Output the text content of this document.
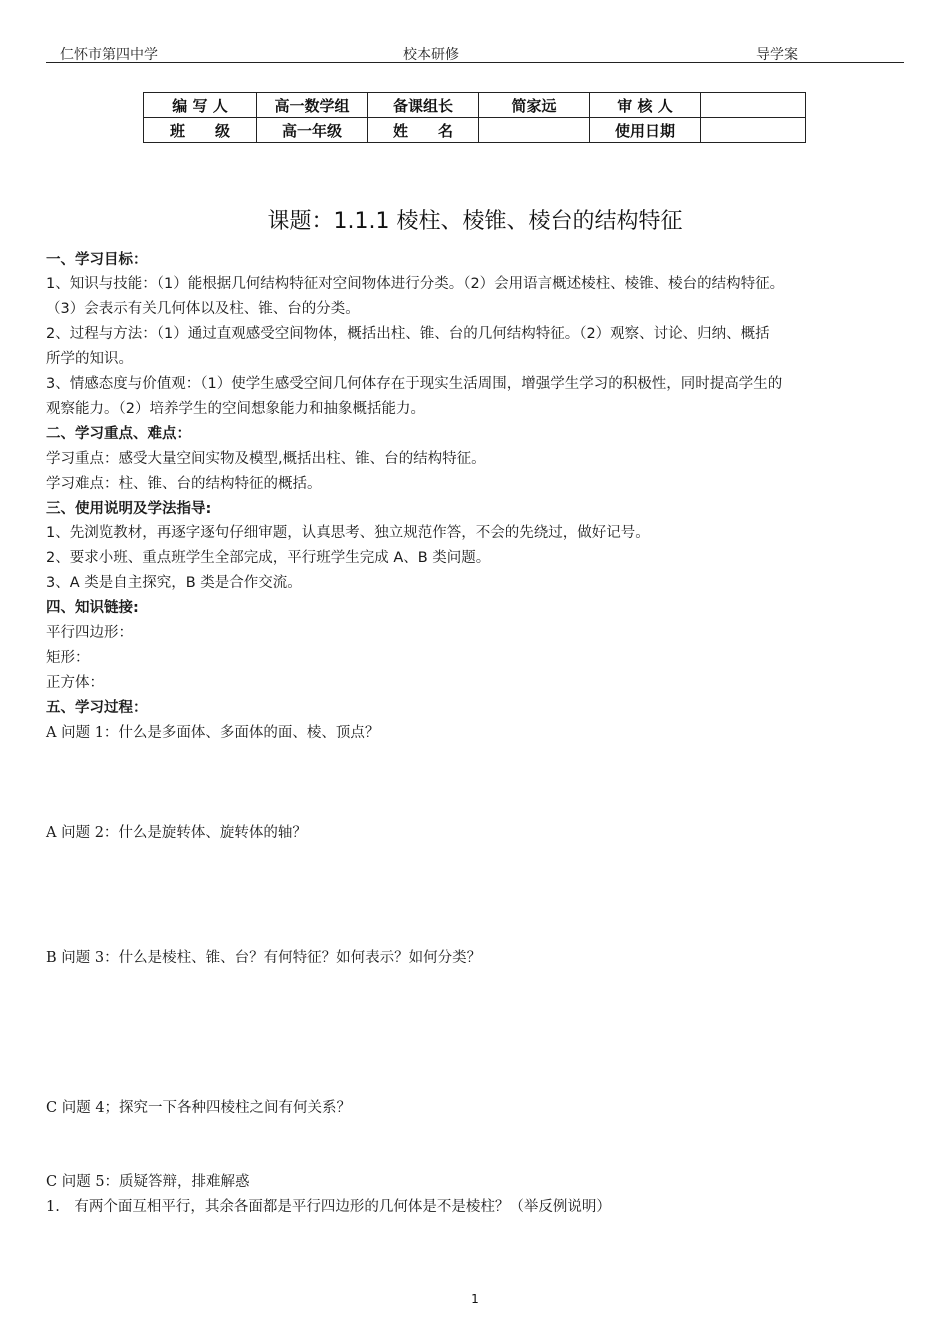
仁怀市第四中学	校本研修	导学案
编 写 人	高一数学组	备课组长	简家远	审 核 人	
班　　级	高一年级	姓　　名		使用日期	
课题：1.1.1 棱柱、棱锥、棱台的结构特征
一、学习目标：
1、知识与技能：（1）能根据几何结构特征对空间物体进行分类。（2）会用语言概述棱柱、棱锥、棱台的结构特征。
（3）会表示有关几何体以及柱、锥、台的分类。
2、过程与方法：（1）通过直观感受空间物体，概括出柱、锥、台的几何结构特征。（2）观察、讨论、归纳、概括
所学的知识。
3、情感态度与价值观：（1）使学生感受空间几何体存在于现实生活周围，增强学生学习的积极性，同时提高学生的
观察能力。（2）培养学生的空间想象能力和抽象概括能力。
二、学习重点、难点：
学习重点：感受大量空间实物及模型,概括出柱、锥、台的结构特征。
学习难点：柱、锥、台的结构特征的概括。
三、使用说明及学法指导:
1、先浏览教材，再逐字逐句仔细审题，认真思考、独立规范作答，不会的先绕过，做好记号。
2、要求小班、重点班学生全部完成，平行班学生完成 A、B 类问题。
3、A 类是自主探究，B 类是合作交流。
四、知识链接:
平行四边形：
矩形：
正方体：
五、学习过程：
A 问题 1：什么是多面体、多面体的面、棱、顶点？
A 问题 2：什么是旋转体、旋转体的轴？
B 问题 3：什么是棱柱、锥、台？有何特征？如何表示？如何分类？
C 问题 4；探究一下各种四棱柱之间有何关系？
C 问题 5：质疑答辩，排难解惑
1.　有两个面互相平行，其余各面都是平行四边形的几何体是不是棱柱？（举反例说明）
1
